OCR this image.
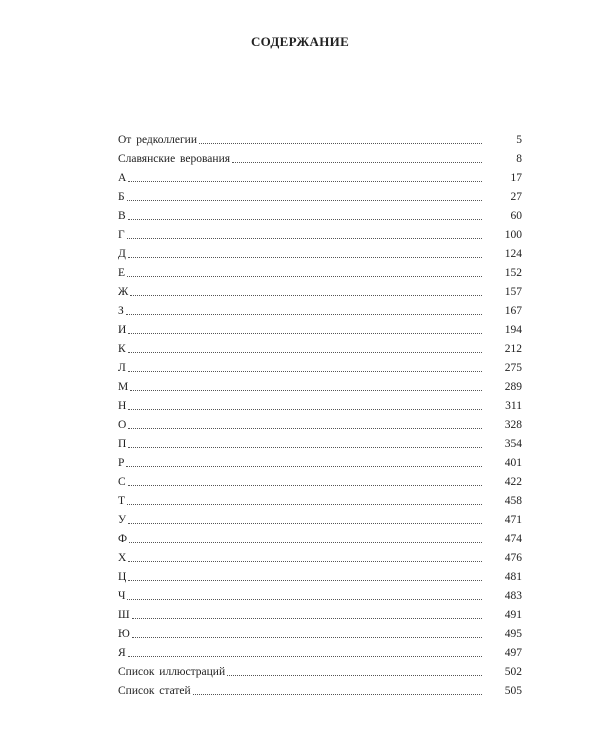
СОДЕРЖАНИЕ
От редколлегии	5
Славянские верования	8
А	17
Б	27
В	60
Г	100
Д	124
Е	152
Ж	157
З	167
И	194
К	212
Л	275
М	289
Н	311
О	328
П	354
Р	401
С	422
Т	458
У	471
Ф	474
Х	476
Ц	481
Ч	483
Ш	491
Ю	495
Я	497
Список иллюстраций	502
Список статей	505
